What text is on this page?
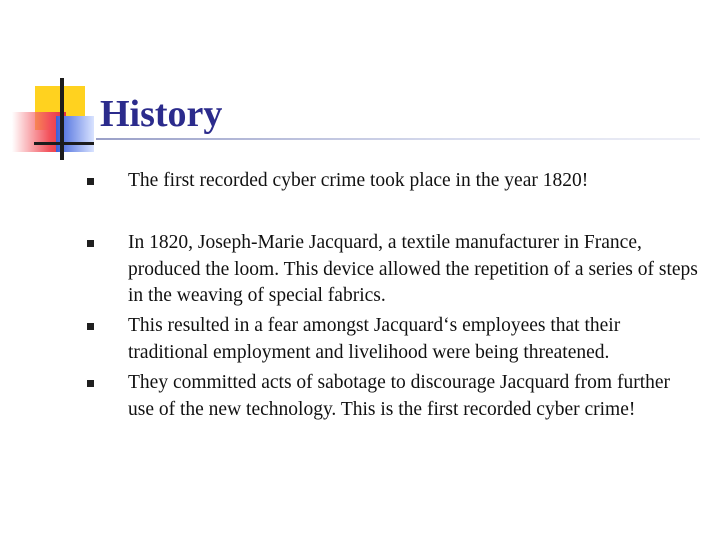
History
The first recorded cyber crime took place in the year 1820!
In 1820, Joseph-Marie Jacquard, a textile manufacturer in France, produced the loom. This device allowed the repetition of a series of steps in the weaving of special fabrics.
This resulted in a fear amongst Jacquard‘s employees that their traditional employment and livelihood were being threatened.
They committed acts of sabotage to discourage Jacquard from further use of the new technology. This is the first recorded cyber crime!
